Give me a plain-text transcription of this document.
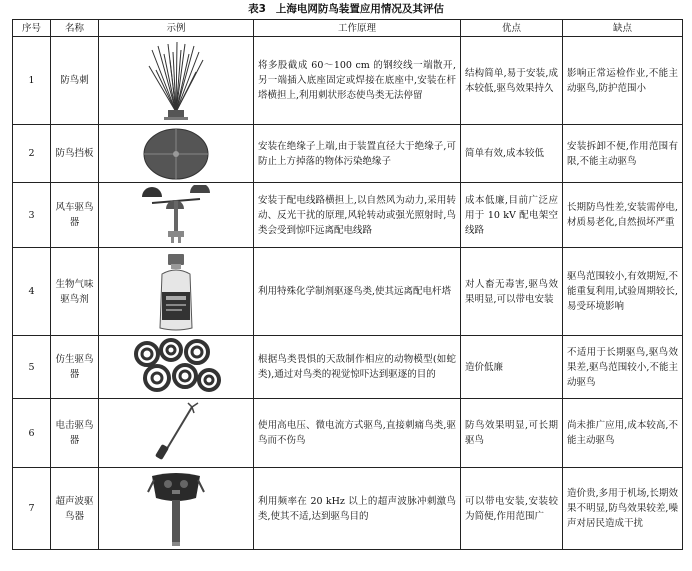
表3 上海电网防鸟装置应用情况及其评估
序号	名称	示例	工作原理	优点	缺点
1	防鸟刺		将多股截成 60～100 cm 的钢绞线一端散开,另一端插入底座固定或焊接在底座中,安装在杆塔横担上,利用刺状形态使鸟类无法停留	结构简单,易于安装,成本较低,驱鸟效果持久	影响正常运检作业,不能主动驱鸟,防护范围小
2	防鸟挡板		安装在绝缘子上端,由于装置直径大于绝缘子,可防止上方掉落的物体污染绝缘子	简单有效,成本较低	安装拆卸不便,作用范围有限,不能主动驱鸟
3	风车驱鸟器		安装于配电线路横担上,以自然风为动力,采用转动、反光干扰的原理,风轮转动或强光照射时,鸟类会受到惊吓远离配电线路	成本低廉,目前广泛应用于 10 kV 配电架空线路	长期防鸟性差,安装需停电,材质易老化,自然损坏严重
4	生物气味驱鸟剂		利用特殊化学制剂驱逐鸟类,使其远离配电杆塔	对人畜无毒害,驱鸟效果明显,可以带电安装	驱鸟范围较小,有效期短,不能重复利用,试验周期较长,易受环境影响
5	仿生驱鸟器		根据鸟类畏惧的天敌制作相应的动物模型(如蛇类),通过对鸟类的视觉惊吓达到驱逐的目的	造价低廉	不适用于长期驱鸟,驱鸟效果差,驱鸟范围较小,不能主动驱鸟
6	电击驱鸟器		使用高电压、微电流方式驱鸟,直接刺痛鸟类,驱鸟而不伤鸟	防鸟效果明显,可长期驱鸟	尚未推广应用,成本较高,不能主动驱鸟
7	超声波驱鸟器		利用频率在 20 kHz 以上的超声波脉冲刺激鸟类,使其不适,达到驱鸟目的	可以带电安装,安装较为简便,作用范围广	造价贵,多用于机场,长期效果不明显,防鸟效果较差,噪声对居民造成干扰
